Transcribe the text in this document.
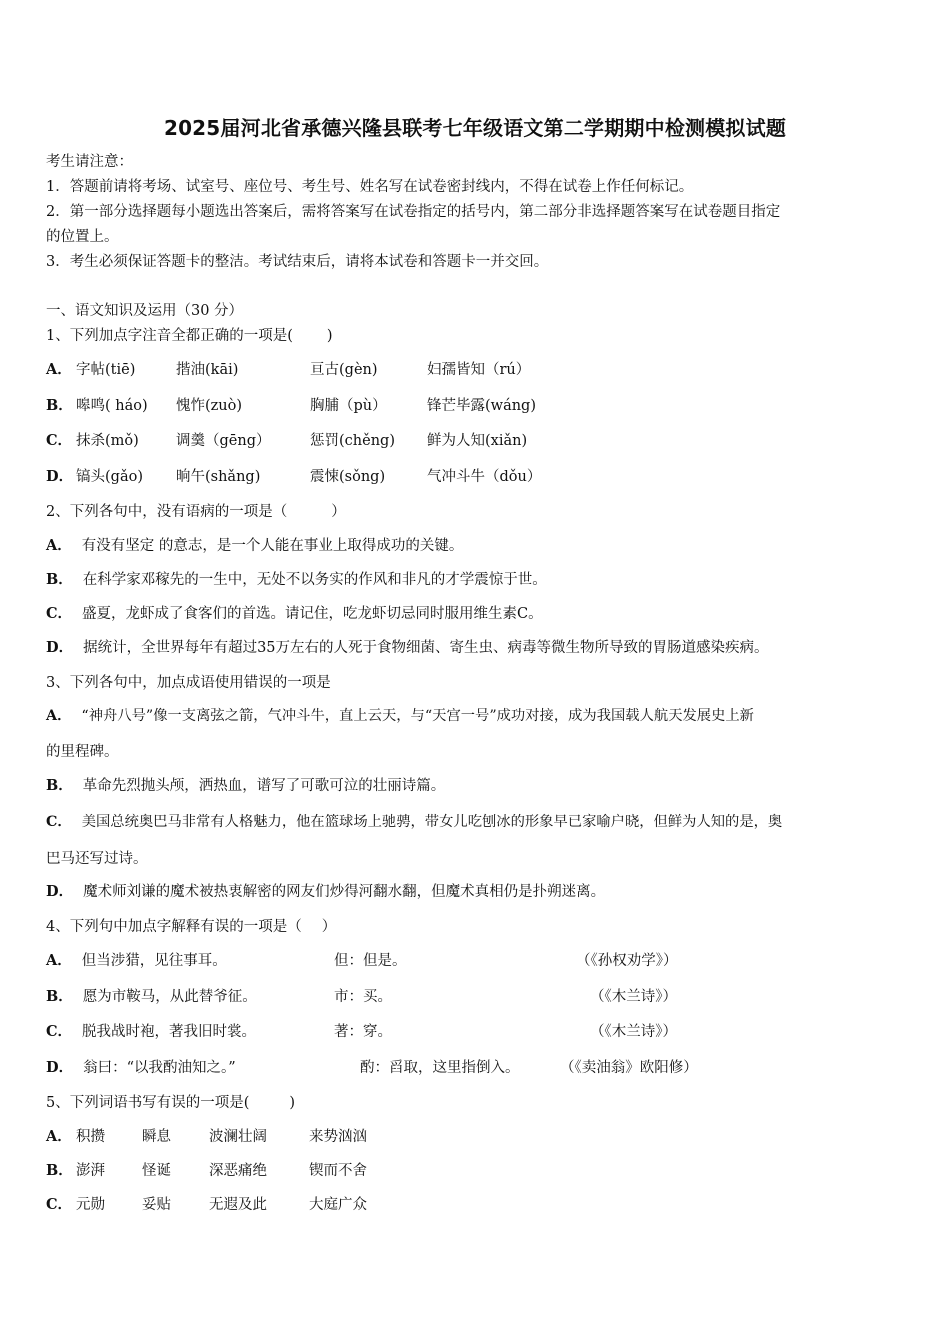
2025届河北省承德兴隆县联考七年级语文第二学期期中检测模拟试题
考生请注意：
1．答题前请将考场、试室号、座位号、考生号、姓名写在试卷密封线内，不得在试卷上作任何标记。
2．第一部分选择题每小题选出答案后，需将答案写在试卷指定的括号内，第二部分非选择题答案写在试卷题目指定
的位置上。
3．考生必须保证答题卡的整洁。考试结束后，请将本试卷和答题卡一并交回。
一、语文知识及运用（30 分）
1、下列加点字注音全都正确的一项是( )
A． 字帖(tiē)	揩油(kāi)	亘古(gèn)	妇孺皆知（rú）
B． 嗥鸣( háo) 愧怍(zuò)	胸脯（pù）	锋芒毕露(wáng)
C． 抹杀(mǒ)	调羹（gēng）	惩罚(chěng) 鲜为人知(xiǎn)
D． 镐头(gǎo) 晌午(shǎng)	震悚(sǒng)	气冲斗牛（dǒu）
2、下列各句中，没有语病的一项是（	）
A． 有没有坚定 的意志，是一个人能在事业上取得成功的关键。
B． 在科学家邓稼先的一生中，无处不以务实的作风和非凡的才学震惊于世。
C． 盛夏，龙虾成了食客们的首选。请记住，吃龙虾切忌同时服用维生素C。
D． 据统计，全世界每年有超过35万左右的人死于食物细菌、寄生虫、病毒等微生物所导致的胃肠道感染疾病。
3、下列各句中，加点成语使用错误的一项是
A． “神舟八号”像一支离弦之箭，气冲斗牛，直上云天，与“天宫一号”成功对接，成为我国载人航天发展史上新
的里程碑。
B． 革命先烈抛头颅，洒热血，谱写了可歌可泣的壮丽诗篇。
C． 美国总统奥巴马非常有人格魅力，他在篮球场上驰骋，带女儿吃刨冰的形象早已家喻户晓，但鲜为人知的是，奥
巴马还写过诗。
D． 魔术师刘谦的魔术被热衷解密的网友们炒得河翻水翻，但魔术真相仍是扑朔迷离。
4、下列句中加点字解释有误的一项是（ ）
A． 但当涉猎，见往事耳。	但：但是。	（《孙权劝学》）
B． 愿为市鞍马，从此替爷征。	市：买。	（《木兰诗》）
C． 脱我战时袍，著我旧时裳。	著：穿。	（《木兰诗》）
D． 翁曰：“以我酌油知之。”	酌：舀取，这里指倒入。	（《卖油翁》欧阳修）
5、下列词语书写有误的一项是(	)
A． 积攒	瞬息	波澜壮阔	来势汹汹
B． 澎湃	怪诞	深恶痛绝	锲而不舍
C． 元勋	妥贴	无遐及此	大庭广众
